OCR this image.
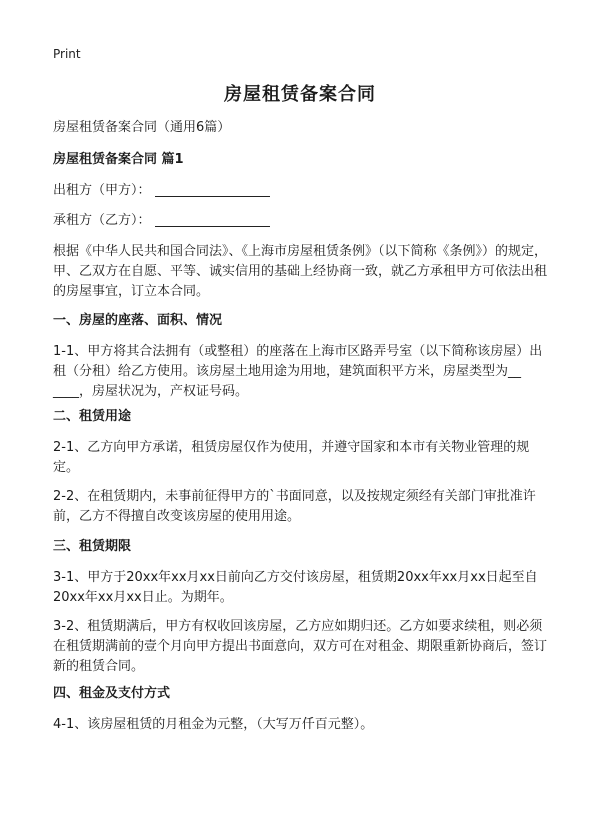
Print
房屋租赁备案合同
房屋租赁备案合同（通用6篇）
房屋租赁备案合同 篇1
出租方（甲方）：
承租方（乙方）：
根据《中华人民共和国合同法》、《上海市房屋租赁条例》（以下简称《条例》）的规定，甲、乙双方在自愿、平等、诚实信用的基础上经协商一致，就乙方承租甲方可依法出租的房屋事宜，订立本合同。
一、房屋的座落、面积、情况
1-1、甲方将其合法拥有（或整租）的座落在上海市区路弄号室（以下简称该房屋）出租（分租）给乙方使用。该房屋土地用途为用地，建筑面积平方米，房屋类型为__ ____，房屋状况为，产权证号码。
二、租赁用途
2-1、乙方向甲方承诺，租赁房屋仅作为使用，并遵守国家和本市有关物业管理的规定。
2-2、在租赁期内，未事前征得甲方的`书面同意，以及按规定须经有关部门审批准许前，乙方不得擅自改变该房屋的使用用途。
三、租赁期限
3-1、甲方于20xx年xx月xx日前向乙方交付该房屋，租赁期20xx年xx月xx日起至自20xx年xx月xx日止。为期年。
3-2、租赁期满后，甲方有权收回该房屋，乙方应如期归还。乙方如要求续租，则必须在租赁期满前的壹个月向甲方提出书面意向，双方可在对租金、期限重新协商后，签订新的租赁合同。
四、租金及支付方式
4-1、该房屋租赁的月租金为元整，（大写万仟百元整）。
